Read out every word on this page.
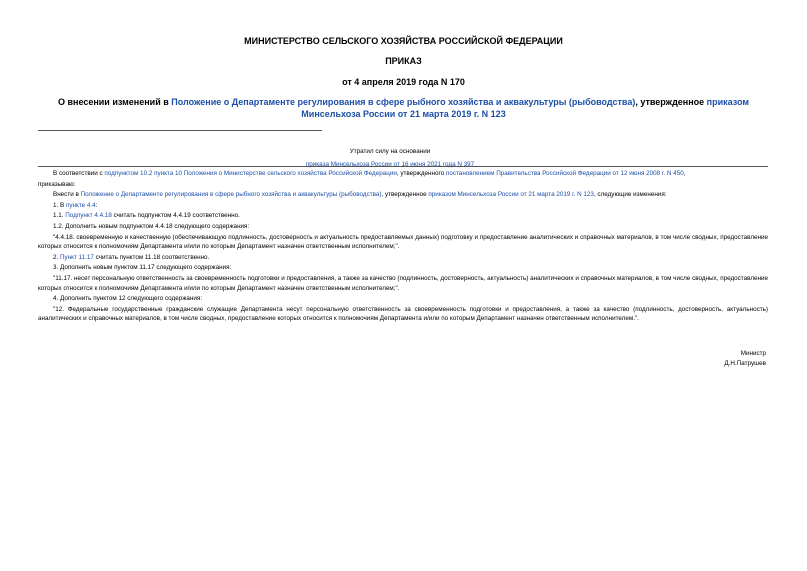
МИНИСТЕРСТВО СЕЛЬСКОГО ХОЗЯЙСТВА РОССИЙСКОЙ ФЕДЕРАЦИИ
ПРИКАЗ
от 4 апреля 2019 года N 170
О внесении изменений в Положение о Департаменте регулирования в сфере рыбного хозяйства и аквакультуры (рыбоводства), утвержденное приказом Минсельхоза России от 21 марта 2019 г. N 123
Утратил силу на основании
приказа Минсельхоза России от 16 июня 2021 года N 397

В соответствии с подпунктом 10.2 пункта 10 Положения о Министерстве сельского хозяйства Российской Федерации, утвержденного постановлением Правительства Российской Федерации от 12 июня 2008 г. N 450,

приказываю:

Внести в Положение о Департаменте регулирования в сфере рыбного хозяйства и аквакультуры (рыбоводства), утвержденное приказом Минсельхоза России от 21 марта 2019 г. N 123, следующие изменения:

1. В пункте 4.4:

1.1. Подпункт 4.4.18 считать подпунктом 4.4.19 соответственно.

1.2. Дополнить новым подпунктом 4.4.18 следующего содержания:

"4.4.18. своевременную и качественную (обеспечивающую подлинность, достоверность и актуальность предоставляемых данных) подготовку и предоставление аналитических и справочных материалов, в том числе сводных, предоставление которых относится к полномочиям Департамента и/или по которым Департамент назначен ответственным исполнителем;".

2. Пункт 11.17 считать пунктом 11.18 соответственно.

3. Дополнить новым пунктом 11.17 следующего содержания:

"11.17. несет персональную ответственность за своевременность подготовки и предоставления, а также за качество (подлинность, достоверность, актуальность) аналитических и справочных материалов, в том числе сводных, предоставление которых относится к полномочиям Департамента и/или по которым Департамент назначен ответственным исполнителем;".

4. Дополнить пунктом 12 следующего содержания:

"12. Федеральные государственные гражданские служащие Департамента несут персональную ответственность за своевременность подготовки и предоставления, а также за качество (подлинность, достоверность, актуальность) аналитических и справочных материалов, в том числе сводных, предоставление которых относится к полномочиям Департамента и/или по которым Департамент назначен ответственным исполнителем.".

Министр
Д.Н.Патрушев
